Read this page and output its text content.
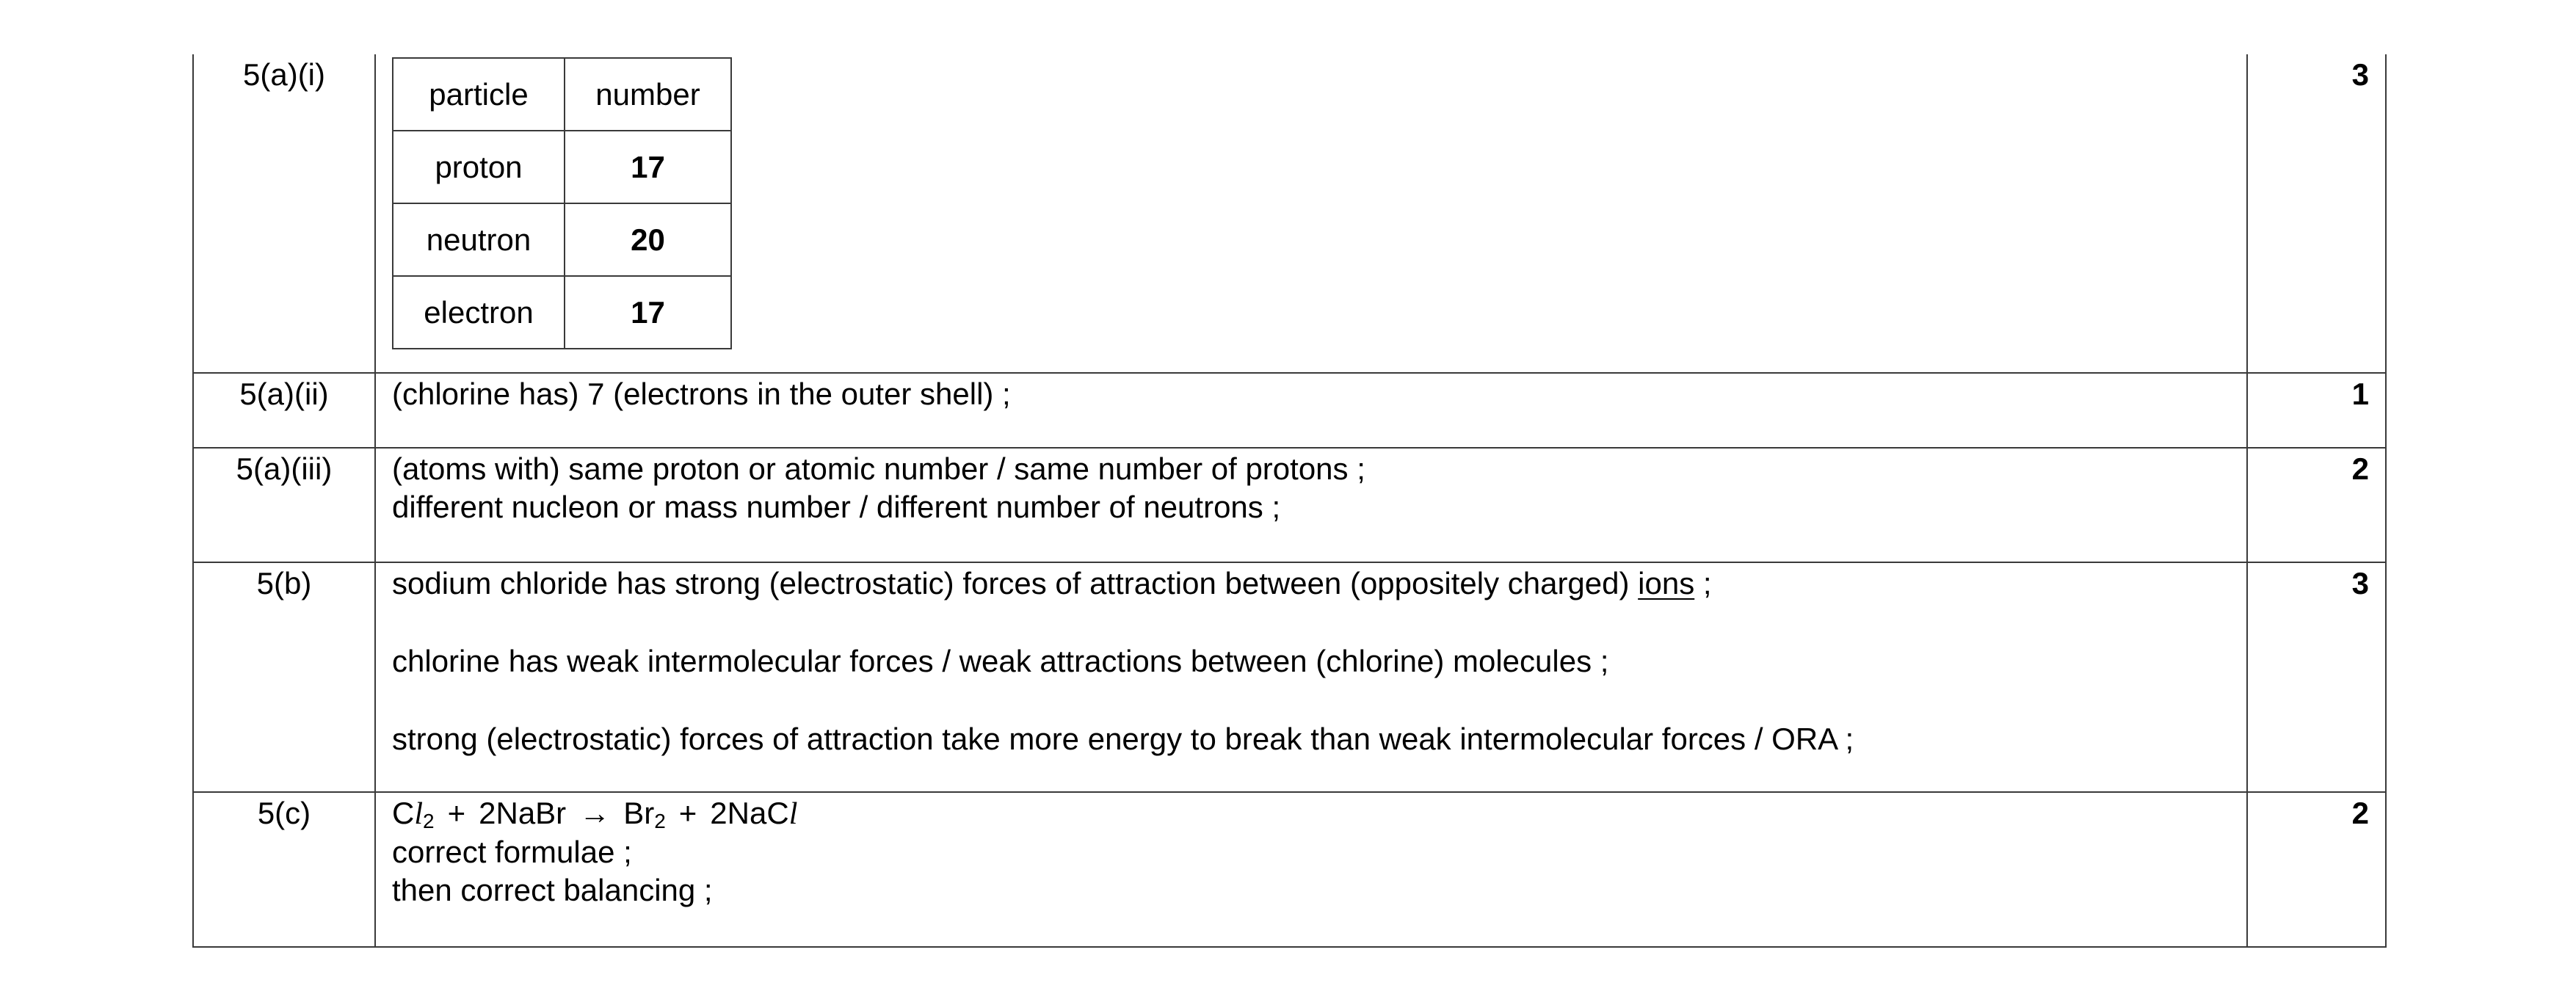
5(a)(i)	
particle	number
proton	17
neutron	20
electron	17
	3
5(a)(ii)	(chlorine has) 7 (electrons in the outer shell) ;	1
5(a)(iii)	(atoms with) same proton or atomic number / same number of protons ;
different nucleon or mass number / different number of neutrons ;
	2
5(b)	sodium chloride has strong (electrostatic) forces of attraction between (oppositely charged) ions ;
chlorine has weak intermolecular forces / weak attractions between (chlorine) molecules ;
strong (electrostatic) forces of attraction take more energy to break than weak intermolecular forces / ORA ;
	3
5(c)	$Cl_2$ + 2NaBr → $Br_2$ + 2NaCl
correct formulae ;
then correct balancing ;
	2
